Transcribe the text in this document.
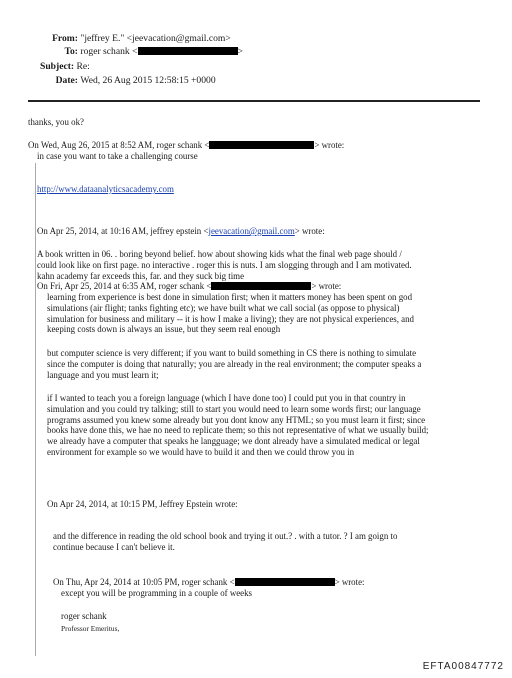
From: "jeffrey E." <jeevacation@gmail.com>
To: roger schank <	>
Subject: Re:
Date: Wed, 26 Aug 2015 12:58:15 +0000
thanks, you ok?
On Wed, Aug 26, 2015 at 8:52 AM, roger schank <	> wrote:
in case you want to take a challenging course
http://www.dataanalyticsacademy.com
On Apr 25, 2014, at 10:16 AM, jeffrey epstein <jeevacation@gmail.com> wrote:
A book written in 06. . boring beyond belief. how about showing kids what the final web page should /
could look like on first page. no interactive . roger this is nuts. I am slogging through and I am motivated.
kahn academy far exceeds this, far. and they suck big time
On Fri, Apr 25, 2014 at 6:35 AM, roger schank <	> wrote:
learning from experience is best done in simulation first; when it matters money has been spent on god
simulations (air flight; tanks fighting etc); we have built what we call social (as oppose to physical)
simulation for business and military -- it is how I make a living); they are not physical experiences, and
keeping costs down is always an issue, but they seem real enough
but computer science is very different; if you want to build something in CS there is nothing to simulate
since the computer is doing that naturally; you are already in the real environment; the computer speaks a
language and you must learn it;
if I wanted to teach you a foreign language (which I have done too) I could put you in that country in
simulation and you could try talking; still to start you would need to learn some words first; our language
programs assumed you knew some already but you dont know any HTML; so you must learn it first; since
books have done this, we hae no need to replicate them; so this not representative of what we usually build;
we already have a computer that speaks he langguage; we dont already have a simulated medical or legal
environment for example so we would have to build it and then we could throw you in
On Apr 24, 2014, at 10:15 PM, Jeffrey Epstein wrote:
and the difference in reading the old school book and trying it out.? . with a tutor. ? I am goign to
continue because I can't believe it.
On Thu, Apr 24, 2014 at 10:05 PM, roger schank <	> wrote:
except you will be programming in a couple of weeks
roger schank
Professor Emeritus,
EFTA00847772
